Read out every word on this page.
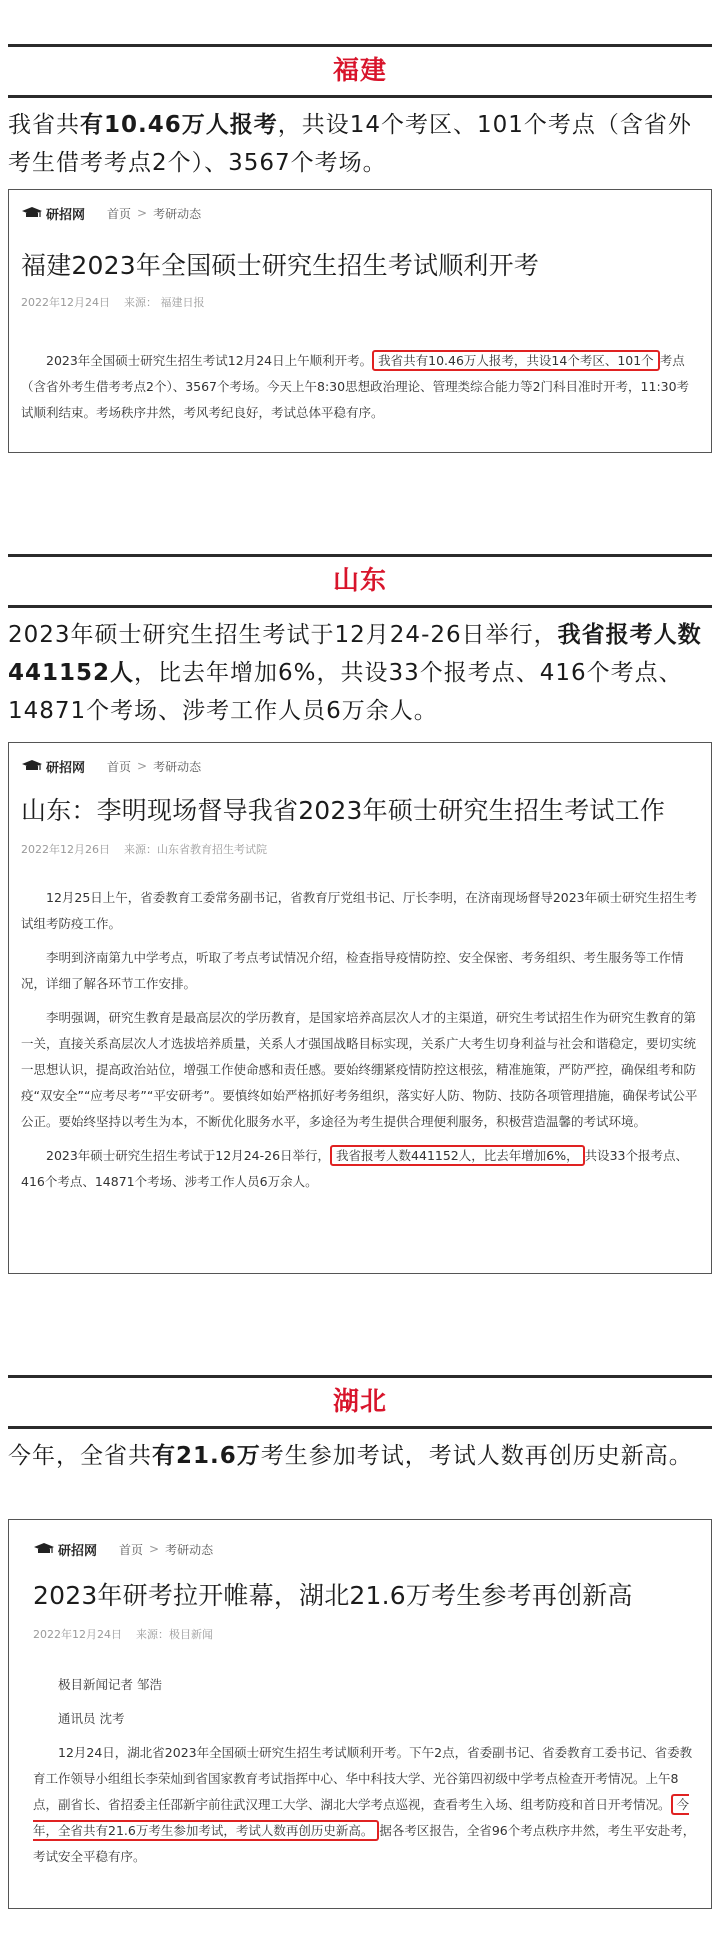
福建
我省共有10.46万人报考，共设14个考区、101个考点（含省外考生借考考点2个）、3567个考场。
研招网 首页 > 考研动态
福建2023年全国硕士研究生招生考试顺利开考
2022年12月24日 来源： 福建日报

2023年全国硕士研究生招生考试12月24日上午顺利开考。 我省共有10.46万人报考，共设14个考区、101个 考点（含省外考生借考考点2个）、3567个考场。今天上午8:30思想政治理论、管理类综合能力等2门科目准时开考，11:30考试顺利结束。考场秩序井然，考风考纪良好，考试总体平稳有序。

山东
2023年硕士研究生招生考试于12月24-26日举行，我省报考人数441152人，比去年增加6%，共设33个报考点、416个考点、14871个考场、涉考工作人员6万余人。
研招网 首页 > 考研动态
山东：李明现场督导我省2023年硕士研究生招生考试工作
2022年12月26日 来源：山东省教育招生考试院

12月25日上午，省委教育工委常务副书记，省教育厅党组书记、厅长李明，在济南现场督导2023年硕士研究生招生考试组考防疫工作。

李明到济南第九中学考点，听取了考点考试情况介绍，检查指导疫情防控、安全保密、考务组织、考生服务等工作情况，详细了解各环节工作安排。

李明强调，研究生教育是最高层次的学历教育，是国家培养高层次人才的主渠道，研究生考试招生作为研究生教育的第一关，直接关系高层次人才选拔培养质量，关系人才强国战略目标实现，关系广大考生切身利益与社会和谐稳定，要切实统一思想认识，提高政治站位，增强工作使命感和责任感。要始终绷紧疫情防控这根弦，精准施策，严防严控，确保组考和防疫“双安全”“应考尽考”“平安研考”。要慎终如始严格抓好考务组织，落实好人防、物防、技防各项管理措施，确保考试公平公正。要始终坚持以考生为本，不断优化服务水平，多途径为考生提供合理便利服务，积极营造温馨的考试环境。

2023年硕士研究生招生考试于12月24-26日举行， 我省报考人数441152人，比去年增加6%， 共设33个报考点、416个考点、14871个考场、涉考工作人员6万余人。

湖北
今年，全省共有21.6万考生参加考试，考试人数再创历史新高。
研招网 首页 > 考研动态
2023年研考拉开帷幕，湖北21.6万考生参考再创新高
2022年12月24日 来源：极目新闻

极目新闻记者 邹浩

通讯员 沈考

12月24日，湖北省2023年全国硕士研究生招生考试顺利开考。下午2点，省委副书记、省委教育工委书记、省委教育工作领导小组组长李荣灿到省国家教育考试指挥中心、华中科技大学、光谷第四初级中学考点检查开考情况。上午8点，副省长、省招委主任邵新宇前往武汉理工大学、湖北大学考点巡视，查看考生入场、组考防疫和首日开考情况。 今年，全省共有21.6万考生参加考试，考试人数再创历史新高。 据各考区报告，全省96个考点秩序井然，考生平安赴考，考试安全平稳有序。
